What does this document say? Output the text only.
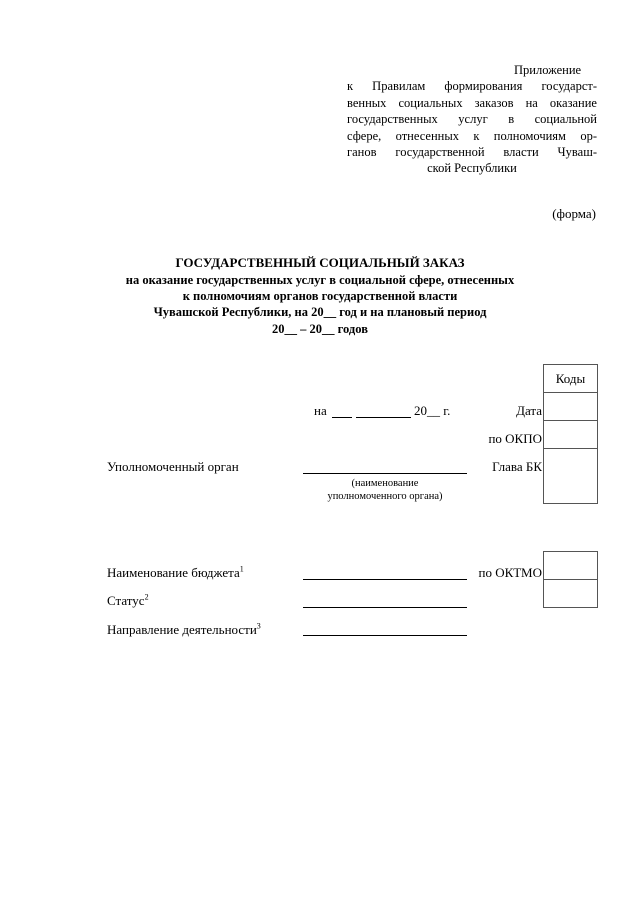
Приложение
к Правилам формирования государст-
венных социальных заказов на оказание
государственных услуг в социальной
сфере, отнесенных к полномочиям ор-
ганов государственной власти Чуваш-
ской Республики
(форма)
ГОСУДАРСТВЕННЫЙ СОЦИАЛЬНЫЙ ЗАКАЗ
на оказание государственных услуг в социальной сфере, отнесенных
к полномочиям органов государственной власти
Чувашской Республики, на 20__ год и на плановый период
20__ – 20__ годов
Коды

на	20__ г.	Дата
по ОКПО
Глава БК
Уполномоченный орган
(наименование
уполномоченного органа)

Наименование бюджета$^1$	по ОКТМО
Статус$^2$
Направление деятельности$^3$
